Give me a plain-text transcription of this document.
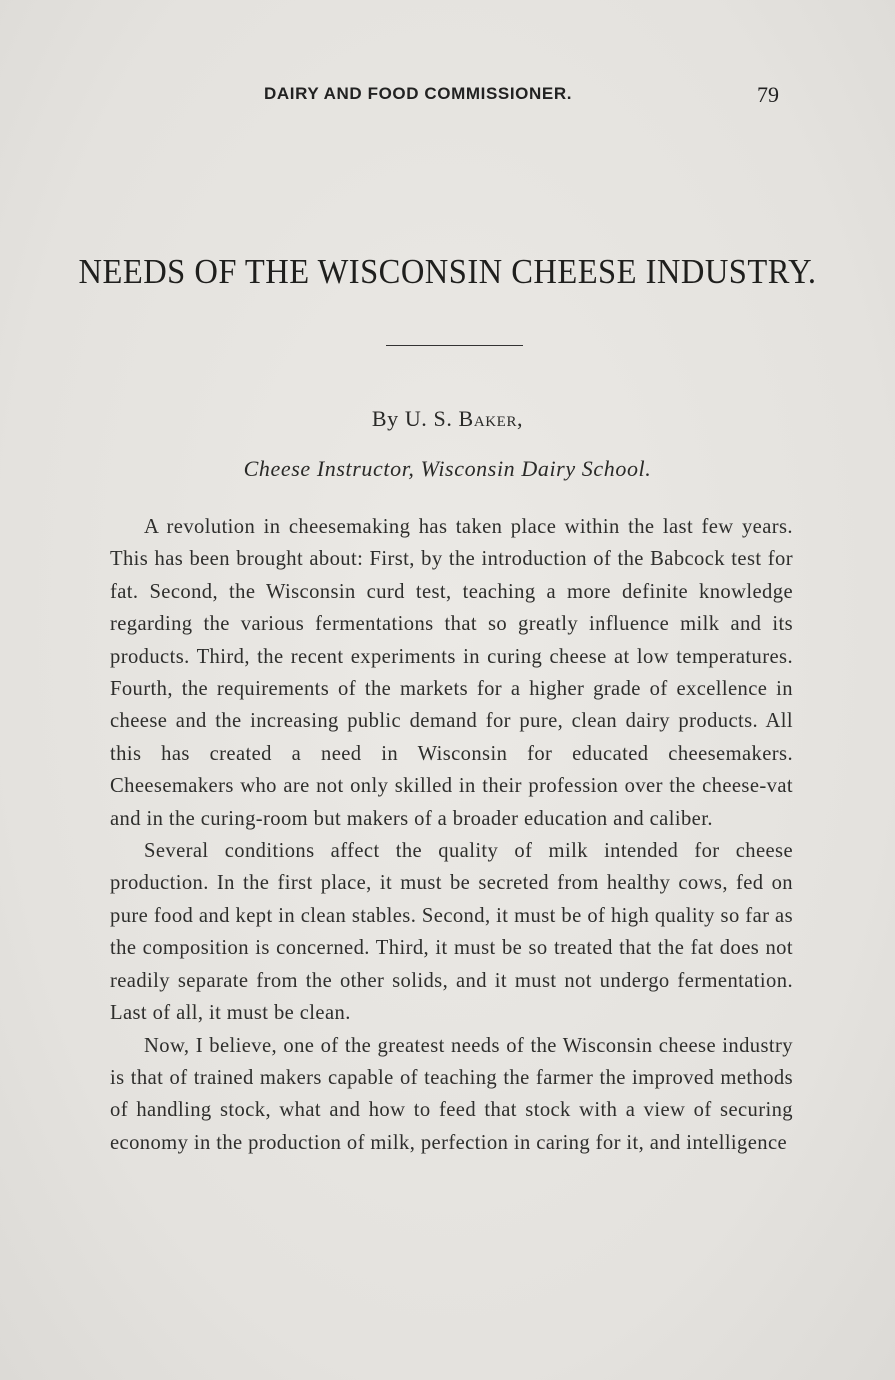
DAIRY AND FOOD COMMISSIONER.	79
NEEDS OF THE WISCONSIN CHEESE INDUSTRY.
By U. S. Baker,
Cheese Instructor, Wisconsin Dairy School.

A revolution in cheesemaking has taken place within the last few years. This has been brought about: First, by the introduction of the Babcock test for fat. Second, the Wisconsin curd test, teaching a more definite knowledge regarding the various fermentations that so greatly influence milk and its products. Third, the recent experiments in curing cheese at low temperatures. Fourth, the requirements of the markets for a higher grade of excellence in cheese and the increasing public demand for pure, clean dairy products. All this has created a need in Wisconsin for educated cheesemakers. Cheesemakers who are not only skilled in their profession over the cheese-vat and in the curing-room but makers of a broader education and caliber.

Several conditions affect the quality of milk intended for cheese production. In the first place, it must be secreted from healthy cows, fed on pure food and kept in clean stables. Second, it must be of high quality so far as the composition is concerned. Third, it must be so treated that the fat does not readily separate from the other solids, and it must not undergo fermentation. Last of all, it must be clean.

Now, I believe, one of the greatest needs of the Wisconsin cheese industry is that of trained makers capable of teaching the farmer the improved methods of handling stock, what and how to feed that stock with a view of securing economy in the production of milk, perfection in caring for it, and intelligence
